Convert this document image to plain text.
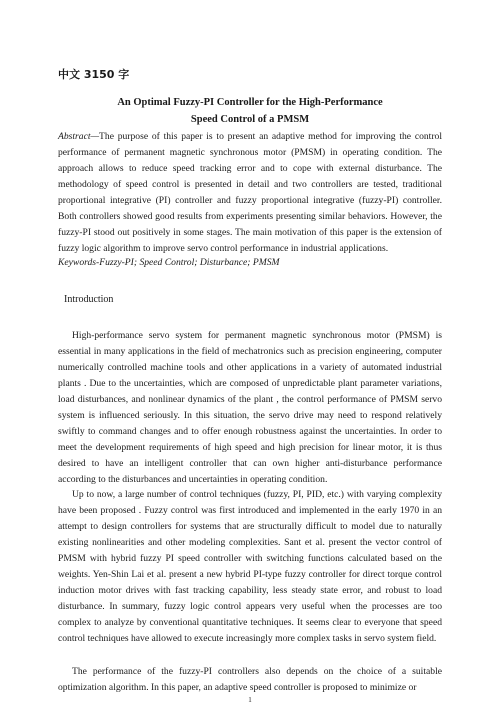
中文 3150 字
An Optimal Fuzzy-PI Controller for the High-Performance
Speed Control of a PMSM

Abstract—The purpose of this paper is to present an adaptive method for improving the control performance of permanent magnetic synchronous motor (PMSM) in operating condition. The approach allows to reduce speed tracking error and to cope with external disturbance. The methodology of speed control is presented in detail and two controllers are tested, traditional proportional integrative (PI) controller and fuzzy proportional integrative (fuzzy-PI) controller. Both controllers showed good results from experiments presenting similar behaviors. However, the fuzzy-PI stood out positively in some stages. The main motivation of this paper is the extension of fuzzy logic algorithm to improve servo control performance in industrial applications.

Keywords-Fuzzy-PI; Speed Control; Disturbance; PMSM

Introduction

High-performance servo system for permanent magnetic synchronous motor (PMSM) is essential in many applications in the field of mechatronics such as precision engineering, computer numerically controlled machine tools and other applications in a variety of automated industrial plants . Due to the uncertainties, which are composed of unpredictable plant parameter variations, load disturbances, and nonlinear dynamics of the plant , the control performance of PMSM servo system is influenced seriously. In this situation, the servo drive may need to respond relatively swiftly to command changes and to offer enough robustness against the uncertainties. In order to meet the development requirements of high speed and high precision for linear motor, it is thus desired to have an intelligent controller that can own higher anti-disturbance performance according to the disturbances and uncertainties in operating condition.

Up to now, a large number of control techniques (fuzzy, PI, PID, etc.) with varying complexity have been proposed . Fuzzy control was first introduced and implemented in the early 1970 in an attempt to design controllers for systems that are structurally difficult to model due to naturally existing nonlinearities and other modeling complexities. Sant et al. present the vector control of PMSM with hybrid fuzzy PI speed controller with switching functions calculated based on the weights. Yen-Shin Lai et al. present a new hybrid PI-type fuzzy controller for direct torque control induction motor drives with fast tracking capability, less steady state error, and robust to load disturbance. In summary, fuzzy logic control appears very useful when the processes are too complex to analyze by conventional quantitative techniques. It seems clear to everyone that speed control techniques have allowed to execute increasingly more complex tasks in servo system field.

The performance of the fuzzy-PI controllers also depends on the choice of a suitable optimization algorithm. In this paper, an adaptive speed controller is proposed to minimize or

1
